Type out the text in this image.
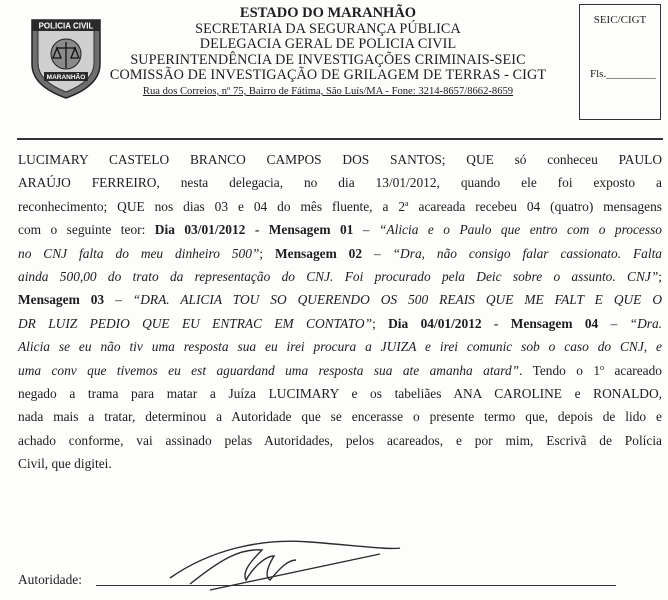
POLICIA CIVIL
MARANHÃO
ESTADO DO MARANHÃO
SECRETARIA DA SEGURANÇA PÚBLICA
DELEGACIA GERAL DE POLICIA CIVIL
SUPERINTENDÊNCIA DE INVESTIGAÇÕES CRIMINAIS-SEIC
COMISSÃO DE INVESTIGAÇÃO DE GRILAGEM DE TERRAS - CIGT
Rua dos Correios, nº 75, Bairro de Fátima, São Luís/MA - Fone: 3214-8657/8662-8659
SEIC/CIGT
Fls._________

LUCIMARY CASTELO BRANCO CAMPOS DOS SANTOS; QUE só conheceu PAULO

ARAÚJO FERREIRO, nesta delegacia, no dia 13/01/2012, quando ele foi exposto a

reconhecimento; QUE nos dias 03 e 04 do mês fluente, a 2$^a$ acareada recebeu 04 (quatro) mensagens

com o seguinte teor: Dia 03/01/2012 - Mensagem 01 – “Alicia e o Paulo que entro com o processo

no CNJ falta do meu dinheiro 500”; Mensagem 02 – “Dra, não consigo falar cassionato. Falta

ainda 500,00 do trato da representação do CNJ. Foi procurado pela Deic sobre o assunto. CNJ”;

Mensagem 03 – “DRA. ALICIA TOU SO QUERENDO OS 500 REAIS QUE ME FALT E QUE O

DR LUIZ PEDIO QUE EU ENTRAC EM CONTATO”; Dia 04/01/2012 - Mensagem 04 – “Dra.

Alicia se eu não tiv uma resposta sua eu irei procura a JUIZA e irei comunic sob o caso do CNJ, e

uma conv que tivemos eu est aguardand uma resposta sua ate amanha atard”. Tendo o 1$^o$ acareado

negado a trama para matar a Juíza LUCIMARY e os tabeliães ANA CAROLINE e RONALDO,

nada mais a tratar, determinou a Autoridade que se encerasse o presente termo que, depois de lido e

achado conforme, vai assinado pelas Autoridades, pelos acareados, e por mim, Escrivã de Polícia

Civil, que digitei.

Autoridade:
